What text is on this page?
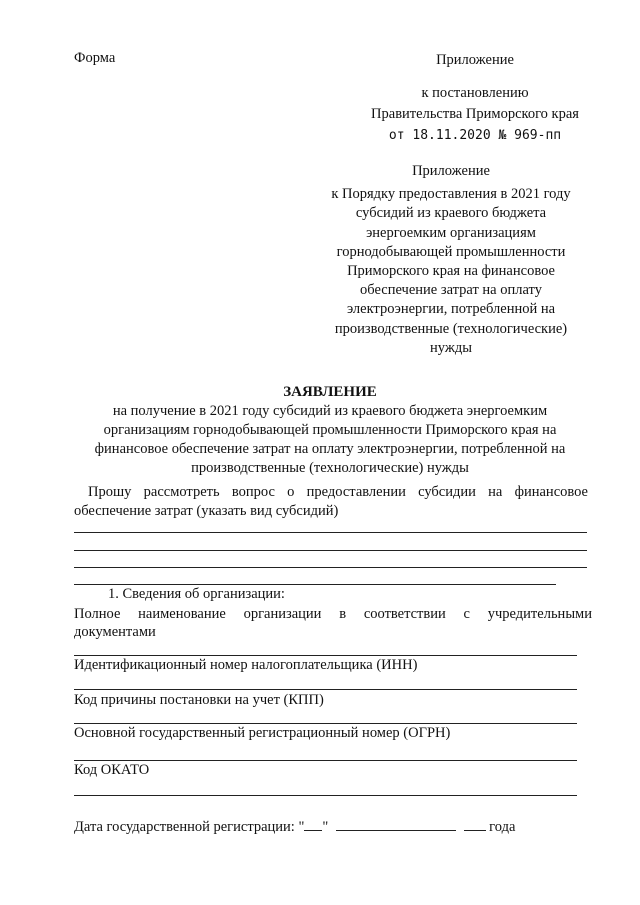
Форма	Приложение
к постановлению
Правительства Приморского края
от 18.11.2020 № 969-пп
Приложение
к Порядку предоставления в 2021 году субсидий из краевого бюджета энергоемким организациям горнодобывающей промышленности Приморского края на финансовое обеспечение затрат на оплату электроэнергии, потребленной на производственные (технологические) нужды
ЗАЯВЛЕНИЕ
на получение в 2021 году субсидий из краевого бюджета энергоемким организациям горнодобывающей промышленности Приморского края на финансовое обеспечение затрат на оплату электроэнергии, потребленной на производственные (технологические) нужды
Прошу рассмотреть вопрос о предоставлении субсидии на финансовое обеспечение затрат (указать вид субсидий)
1. Сведения об организации:
Полное наименование организации в соответствии с учредительными
документами
Идентификационный номер налогоплательщика (ИНН)
Код причины постановки на учет (КПП)
Основной государственный регистрационный номер (ОГРН)
Код ОКАТО
Дата государственной регистрации: " "	года
